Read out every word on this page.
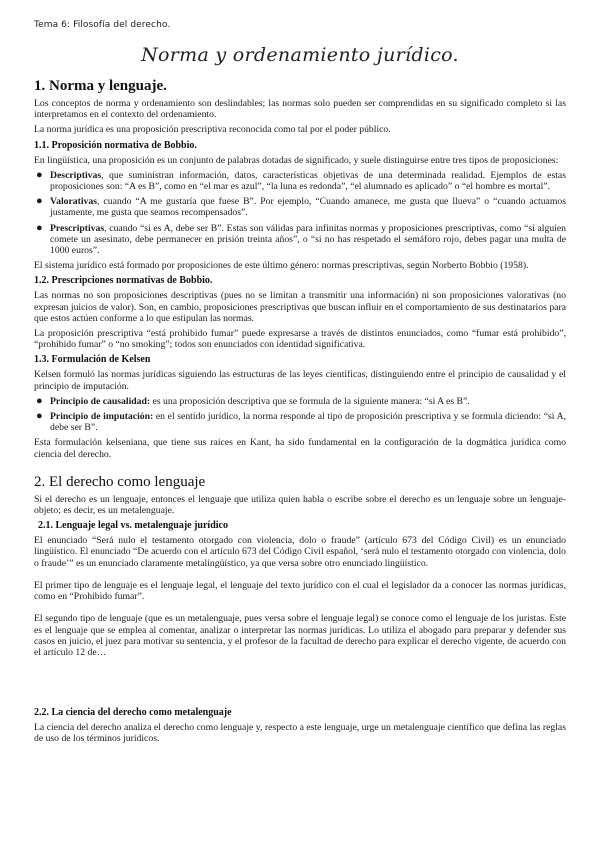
Tema 6: Filosofía del derecho.
Norma y ordenamiento jurídico.
1. Norma y lenguaje.

Los conceptos de norma y ordenamiento son deslindables; las normas solo pueden ser comprendidas en su significado completo si las interpretamos en el contexto del ordenamiento.

La norma jurídica es una proposición prescriptiva reconocida como tal por el poder público.

1.1. Proposición normativa de Bobbio.

En lingüística, una proposición es un conjunto de palabras dotadas de significado, y suele distinguirse entre tres tipos de proposiciones:

● Descriptivas, que suministran información, datos, características objetivas de una determinada realidad. Ejemplos de estas proposiciones son: “A es B”, como en “el mar es azul”, “la luna es redonda”, “el alumnado es aplicado” o “el hombre es mortal”.
● Valorativas, cuando “A me gustaría que fuese B”. Por ejemplo, “Cuando amanece, me gusta que llueva” o “cuando actuamos justamente, me gusta que seamos recompensados”.
● Prescriptivas, cuando “si es A, debe ser B”. Estas son válidas para infinitas normas y proposiciones prescriptivas, como “si alguien comete un asesinato, debe permanecer en prisión treinta años”, o “si no has respetado el semáforo rojo, debes pagar una multa de 1000 euros”.

El sistema jurídico está formado por proposiciones de este último género: normas prescriptivas, según Norberto Bobbio (1958).

1.2. Prescripciones normativas de Bobbio.

Las normas no son proposiciones descriptivas (pues no se limitan a transmitir una información) ni son proposiciones valorativas (no expresan juicios de valor). Son, en cambio, proposiciones prescriptivas que buscan influir en el comportamiento de sus destinatarios para que estos actúen conforme a lo que estipulan las normas.

La proposición prescriptiva “está prohibido fumar” puede expresarse a través de distintos enunciados, como “fumar está prohibido”, “prohibido fumar” o “no smoking”; todos son enunciados con identidad significativa.

1.3. Formulación de Kelsen

Kelsen formuló las normas jurídicas siguiendo las estructuras de las leyes científicas, distinguiendo entre el principio de causalidad y el principio de imputación.

● Principio de causalidad: es una proposición descriptiva que se formula de la siguiente manera: “si A es B”.
● Principio de imputación: en el sentido jurídico, la norma responde al tipo de proposición prescriptiva y se formula diciendo: “si A, debe ser B”.

Esta formulación kelseniana, que tiene sus raíces en Kant, ha sido fundamental en la configuración de la dogmática jurídica como ciencia del derecho.

2. El derecho como lenguaje

Si el derecho es un lenguaje, entonces el lenguaje que utiliza quien habla o escribe sobre el derecho es un lenguaje sobre un lenguaje-objeto; es decir, es un metalenguaje.

2.1. Lenguaje legal vs. metalenguaje jurídico

El enunciado “Será nulo el testamento otorgado con violencia, dolo o fraude” (artículo 673 del Código Civil) es un enunciado lingüístico. El enunciado “De acuerdo con el artículo 673 del Código Civil español, ‘será nulo el testamento otorgado con violencia, dolo o fraude’” es un enunciado claramente metalingüístico, ya que versa sobre otro enunciado lingüístico.

El primer tipo de lenguaje es el lenguaje legal, el lenguaje del texto jurídico con el cual el legislador da a conocer las normas jurídicas, como en “Prohibido fumar”.

El segundo tipo de lenguaje (que es un metalenguaje, pues versa sobre el lenguaje legal) se conoce como el lenguaje de los juristas. Este es el lenguaje que se emplea al comentar, analizar o interpretar las normas jurídicas. Lo utiliza el abogado para preparar y defender sus casos en juicio, el juez para motivar su sentencia, y el profesor de la facultad de derecho para explicar el derecho vigente, de acuerdo con el artículo 12 de…

2.2. La ciencia del derecho como metalenguaje

La ciencia del derecho analiza el derecho como lenguaje y, respecto a este lenguaje, urge un metalenguaje científico que defina las reglas de uso de los términos jurídicos.
